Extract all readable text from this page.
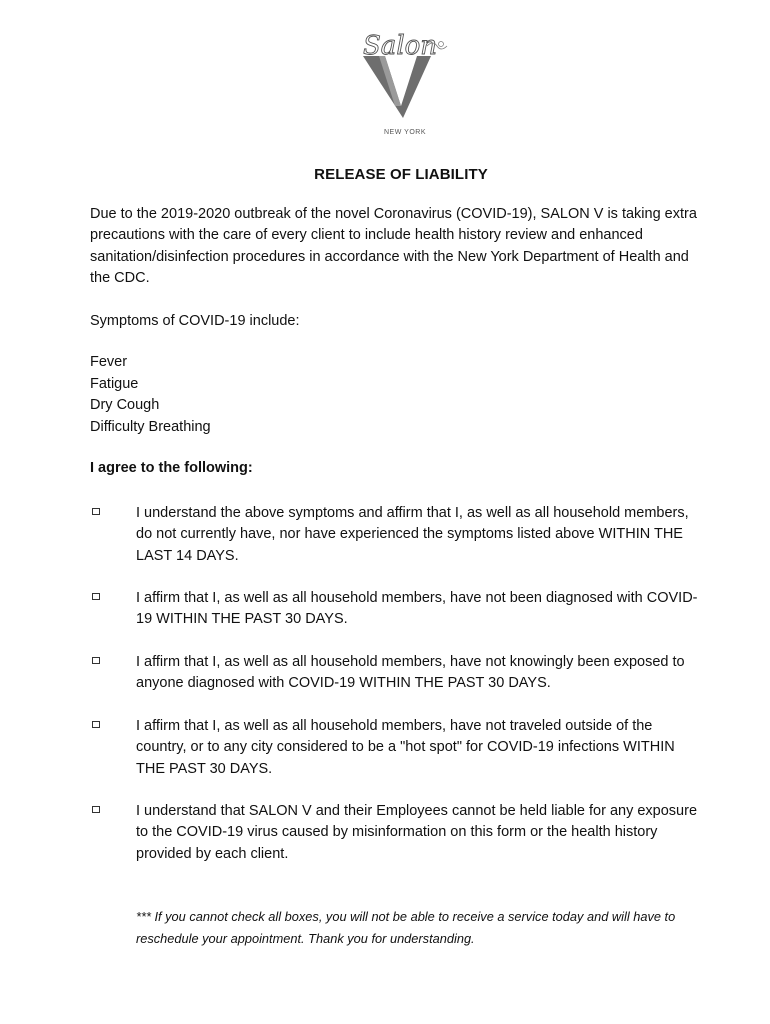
Salon
NEW YORK
RELEASE OF LIABILITY
Due to the 2019-2020 outbreak of the novel Coronavirus (COVID-19), SALON V is taking extra precautions with the care of every client to include health history review and enhanced sanitation/disinfection procedures in accordance with the New York Department of Health and the CDC.
Symptoms of COVID-19 include:
Fever
Fatigue
Dry Cough
Difficulty Breathing
I agree to the following:
I understand the above symptoms and affirm that I, as well as all household members, do not currently have, nor have experienced the symptoms listed above WITHIN THE LAST 14 DAYS.
I affirm that I, as well as all household members, have not been diagnosed with COVID-19 WITHIN THE PAST 30 DAYS.
I affirm that I, as well as all household members, have not knowingly been exposed to anyone diagnosed with COVID-19 WITHIN THE PAST 30 DAYS.
I affirm that I, as well as all household members, have not traveled outside of the country, or to any city considered to be a "hot spot" for COVID-19 infections WITHIN THE PAST 30 DAYS.
I understand that SALON V and their Employees cannot be held liable for any exposure to the COVID-19 virus caused by misinformation on this form or the health history provided by each client.
*** If you cannot check all boxes, you will not be able to receive a service today and will have to reschedule your appointment. Thank you for understanding.
